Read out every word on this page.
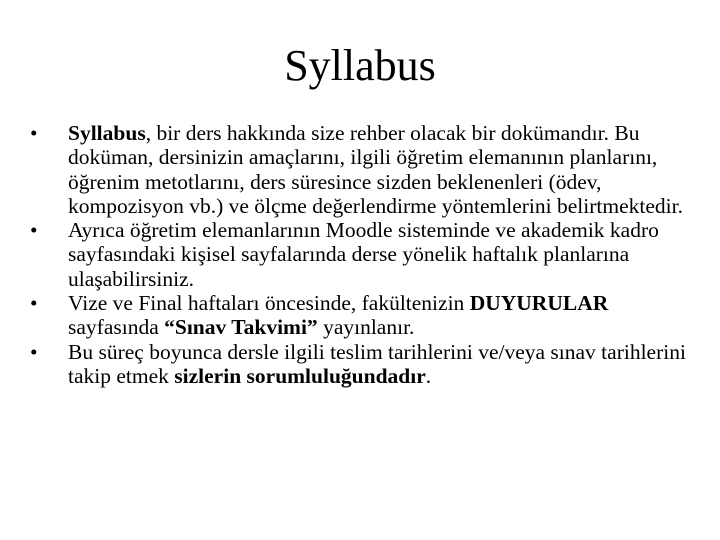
Syllabus
• Syllabus, bir ders hakkında size rehber olacak bir dokümandır. Bu doküman, dersinizin amaçlarını, ilgili öğretim elemanının planlarını, öğrenim metotlarını, ders süresince sizden beklenenleri (ödev, kompozisyon vb.) ve ölçme değerlendirme yöntemlerini belirtmektedir.
• Ayrıca öğretim elemanlarının Moodle sisteminde ve akademik kadro sayfasındaki kişisel sayfalarında derse yönelik haftalık planlarına ulaşabilirsiniz.
• Vize ve Final haftaları öncesinde, fakültenizin DUYURULAR sayfasında “Sınav Takvimi” yayınlanır.
• Bu süreç boyunca dersle ilgili teslim tarihlerini ve/veya sınav tarihlerini takip etmek sizlerin sorumluluğundadır.
